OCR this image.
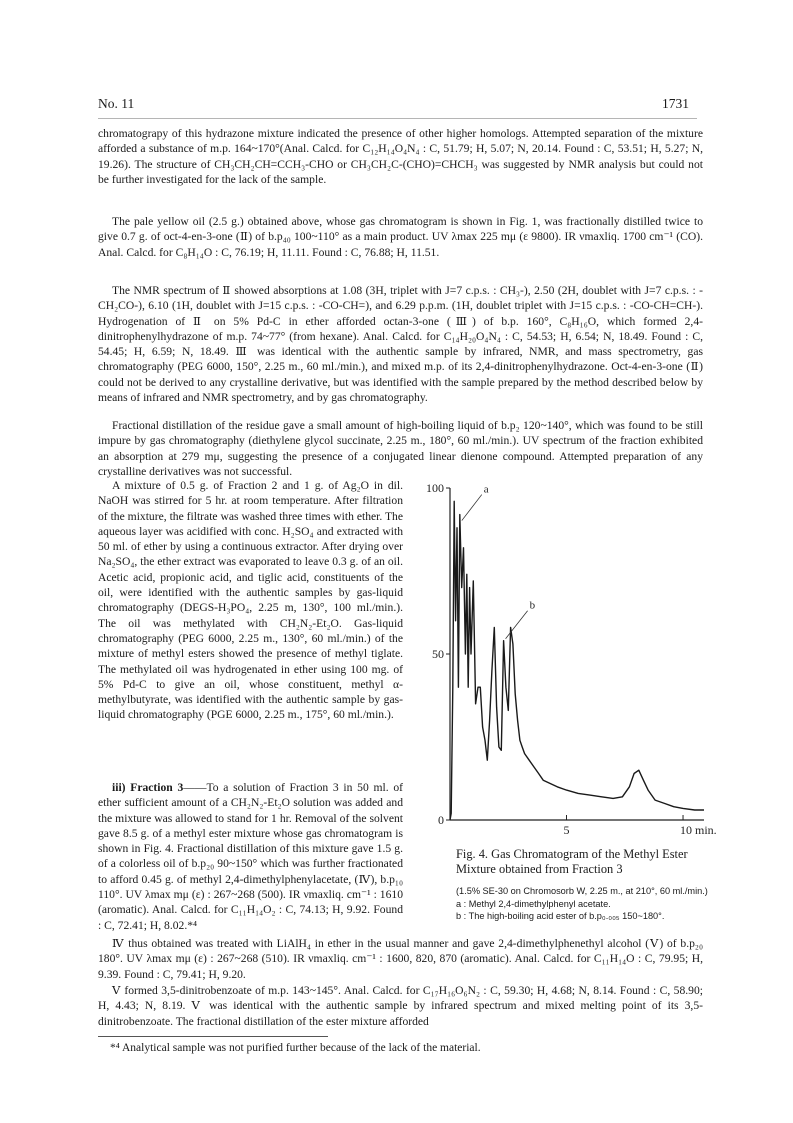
No. 11	1731

chromatograpy of this hydrazone mixture indicated the presence of other higher homologs. Attempted separation of the mixture afforded a substance of m.p. 164~170°(Anal. Calcd. for C₁₂H₁₄O₄N₄ : C, 51.79; H, 5.07; N, 20.14. Found : C, 53.51; H, 5.27; N, 19.26). The structure of CH₃CH₂CH=CCH₃-CHO or CH₃CH₂C-(CHO)=CHCH₃ was suggested by NMR analysis but could not be further investigated for the lack of the sample.

The pale yellow oil (2.5 g.) obtained above, whose gas chromatogram is shown in Fig. 1, was fractionally distilled twice to give 0.7 g. of oct-4-en-3-one (Ⅱ) of b.p₄₀ 100~110° as a main product. UV λmax 225 mμ (ε 9800). IR νmaxliq. 1700 cm⁻¹ (CO). Anal. Calcd. for C₈H₁₄O : C, 76.19; H, 11.11. Found : C, 76.88; H, 11.51.

The NMR spectrum of Ⅱ showed absorptions at 1.08 (3H, triplet with J=7 c.p.s. : CH₃-), 2.50 (2H, doublet with J=7 c.p.s. : -CH₂CO-), 6.10 (1H, doublet with J=15 c.p.s. : -CO-CH=), and 6.29 p.p.m. (1H, doublet triplet with J=15 c.p.s. : -CO-CH=CH-). Hydrogenation of Ⅱ on 5% Pd-C in ether afforded octan-3-one (Ⅲ) of b.p. 160°, C₈H₁₆O, which formed 2,4-dinitrophenylhydrazone of m.p. 74~77° (from hexane). Anal. Calcd. for C₁₄H₂₀O₄N₄ : C, 54.53; H, 6.54; N, 18.49. Found : C, 54.45; H, 6.59; N, 18.49. Ⅲ was identical with the authentic sample by infrared, NMR, and mass spectrometry, gas chromatography (PEG 6000, 150°, 2.25 m., 60 ml./min.), and mixed m.p. of its 2,4-dinitrophenylhydrazone. Oct-4-en-3-one (Ⅱ) could not be derived to any crystalline derivative, but was identified with the sample prepared by the method described below by means of infrared and NMR spectrometry, and by gas chromatography.

Fractional distillation of the residue gave a small amount of high-boiling liquid of b.p₂ 120~140°, which was found to be still impure by gas chromatography (diethylene glycol succinate, 2.25 m., 180°, 60 ml./min.). UV spectrum of the fraction exhibited an absorption at 279 mμ, suggesting the presence of a conjugated linear dienone compound. Attempted preparation of any crystalline derivatives was not successful.

A mixture of 0.5 g. of Fraction 2 and 1 g. of Ag₂O in dil. NaOH was stirred for 5 hr. at room temperature. After filtration of the mixture, the filtrate was washed three times with ether. The aqueous layer was acidified with conc. H₂SO₄ and extracted with 50 ml. of ether by using a continuous extractor. After drying over Na₂SO₄, the ether extract was evaporated to leave 0.3 g. of an oil. Acetic acid, propionic acid, and tiglic acid, constituents of the oil, were identified with the authentic samples by gas-liquid chromatography (DEGS-H₃PO₄, 2.25 m, 130°, 100 ml./min.). The oil was methylated with CH₂N₂-Et₂O. Gas-liquid chromatography (PEG 6000, 2.25 m., 130°, 60 ml./min.) of the mixture of methyl esters showed the presence of methyl tiglate. The methylated oil was hydrogenated in ether using 100 mg. of 5% Pd-C to give an oil, whose constituent, methyl α-methylbutyrate, was identified with the authentic sample by gas-liquid chromatography (PGE 6000, 2.25 m., 175°, 60 ml./min.).

iii) Fraction 3——To a solution of Fraction 3 in 50 ml. of ether sufficient amount of a CH₂N₂-Et₂O solution was added and the mixture was allowed to stand for 1 hr. Removal of the solvent gave 8.5 g. of a methyl ester mixture whose gas chromatogram is shown in Fig. 4. Fractional distillation of this mixture gave 1.5 g. of a colorless oil of b.p₂₀ 90~150° which was further fractionated to afford 0.45 g. of methyl 2,4-dimethylphenylacetate, (Ⅳ), b.p₁₀ 110°. UV λmax mμ (ε) : 267~268 (500). IR νmaxliq. cm⁻¹ : 1610 (aromatic). Anal. Calcd. for C₁₁H₁₄O₂ : C, 74.13; H, 9.92. Found : C, 72.41; H, 8.02.*⁴

0
50
100
5	10 min.
a
b
Fig. 4. Gas Chromatogram of the Methyl Ester Mixture obtained from Fraction 3
(1.5% SE-30 on Chromosorb W, 2.25 m., at 210°, 60 ml./min.)
a : Methyl 2,4-dimethylphenyl acetate.
b : The high-boiling acid ester of b.p₀.₀₀₅ 150~180°.

Ⅳ thus obtained was treated with LiAlH₄ in ether in the usual manner and gave 2,4-dimethylphenethyl alcohol (Ⅴ) of b.p₂₀ 180°. UV λmax mμ (ε) : 267~268 (510). IR νmaxliq. cm⁻¹ : 1600, 820, 870 (aromatic). Anal. Calcd. for C₁₁H₁₄O : C, 79.95; H, 9.39. Found : C, 79.41; H, 9.20.

Ⅴ formed 3,5-dinitrobenzoate of m.p. 143~145°. Anal. Calcd. for C₁₇H₁₆O₆N₂ : C, 59.30; H, 4.68; N, 8.14. Found : C, 58.90; H, 4.43; N, 8.19. Ⅴ was identical with the authentic sample by infrared spectrum and mixed melting point of its 3,5-dinitrobenzoate. The fractional distillation of the ester mixture afforded

*⁴ Analytical sample was not purified further because of the lack of the material.
